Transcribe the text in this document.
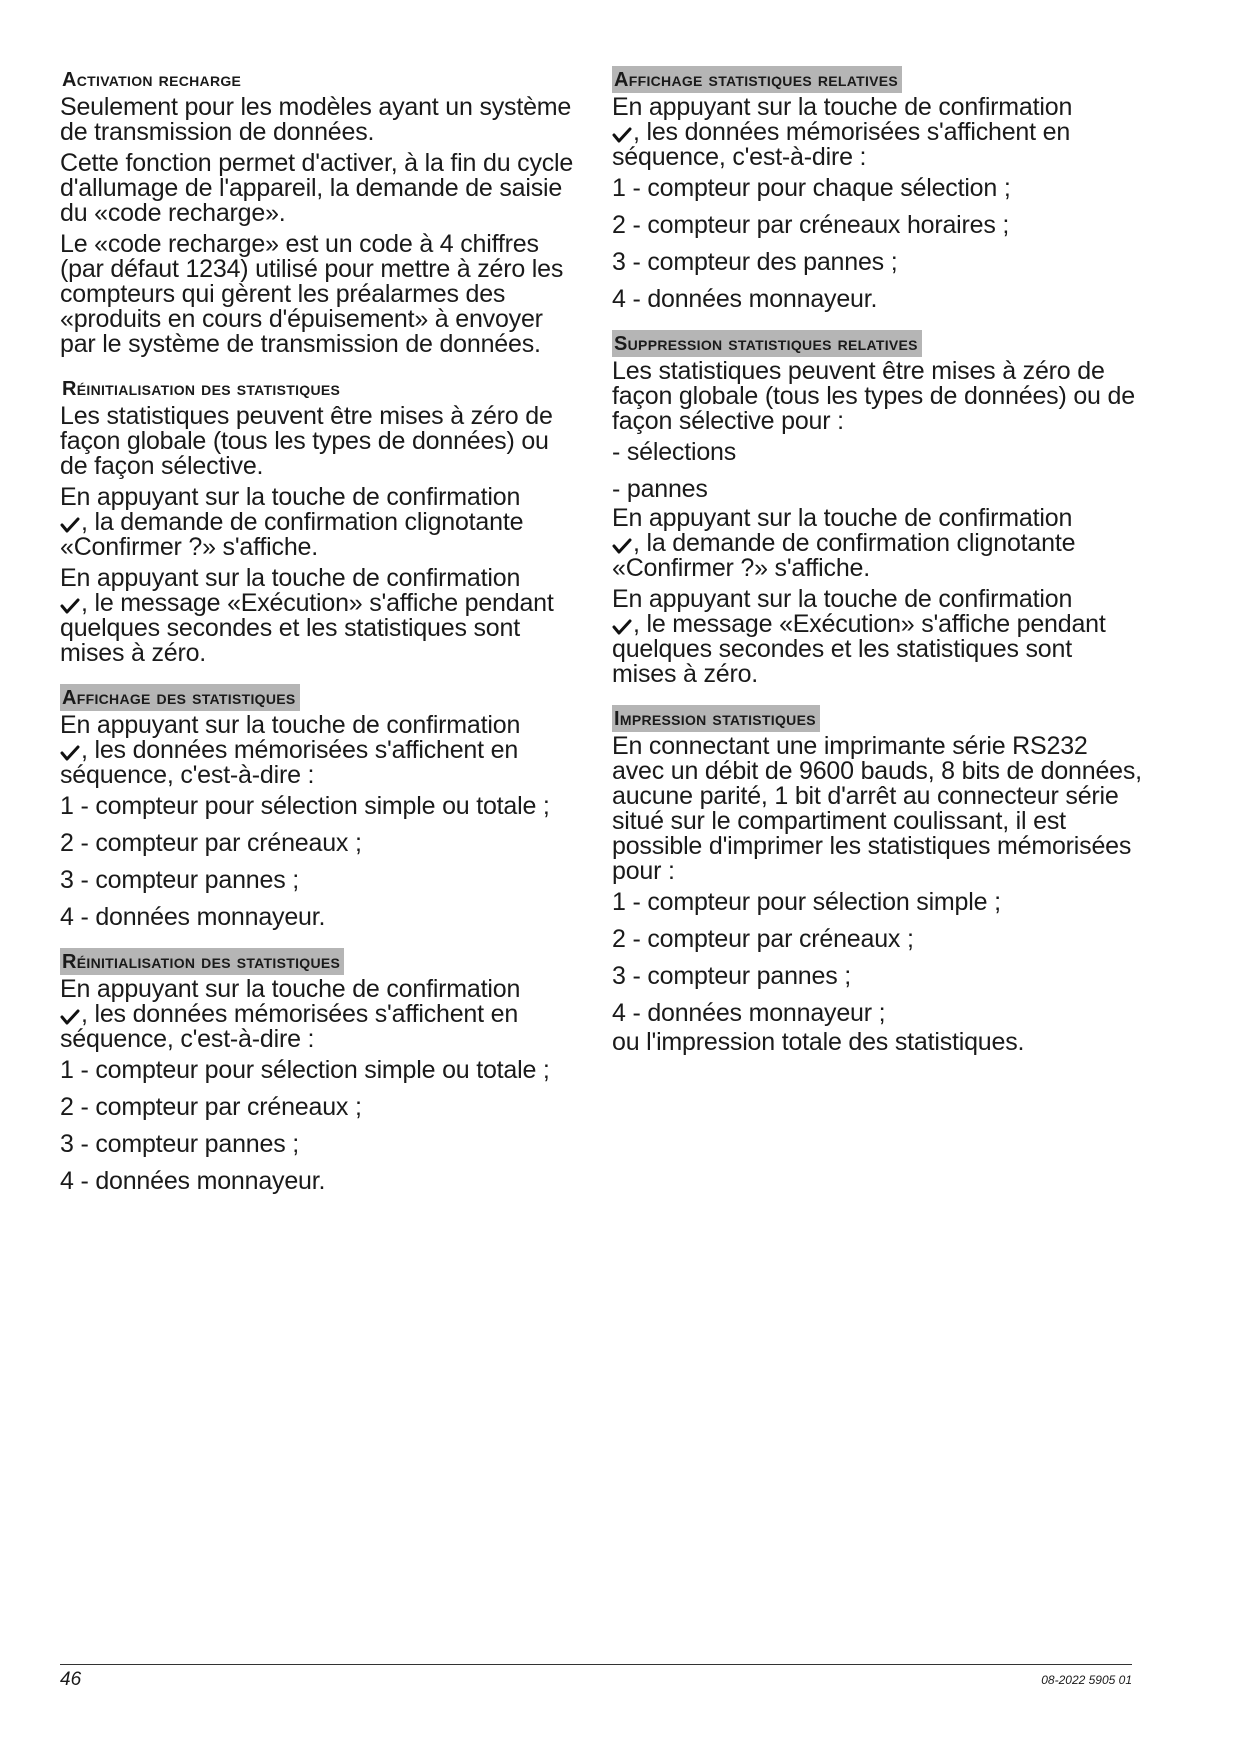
Activation recharge

Seulement pour les modèles ayant un système de transmission de données.

Cette fonction permet d'activer, à la fin du cycle d'allumage de l'appareil, la demande de saisie du «code recharge».

Le «code recharge» est un code à 4 chiffres (par défaut 1234) utilisé pour mettre à zéro les compteurs qui gèrent les préalarmes des «produits en cours d'épuisement» à envoyer par le système de transmission de données.

Réinitialisation des statistiques

Les statistiques peuvent être mises à zéro de façon globale (tous les types de données) ou de façon sélective.

En appuyant sur la touche de confirmation
, la demande de confirmation clignotante «Confirmer ?» s'affiche.

En appuyant sur la touche de confirmation
, le message «Exécution» s'affiche pendant quelques secondes et les statistiques sont mises à zéro.

Affichage des statistiques

En appuyant sur la touche de confirmation
, les données mémorisées s'affichent en séquence, c'est-à-dire :

1 - compteur pour sélection simple ou totale ;

2 - compteur par créneaux ;

3 - compteur pannes ;

4 - données monnayeur.

Réinitialisation des statistiques

En appuyant sur la touche de confirmation
, les données mémorisées s'affichent en séquence, c'est-à-dire :

1 - compteur pour sélection simple ou totale ;

2 - compteur par créneaux ;

3 - compteur pannes ;

4 - données monnayeur.

Affichage statistiques relatives

En appuyant sur la touche de confirmation
, les données mémorisées s'affichent en séquence, c'est-à-dire :

1 - compteur pour chaque sélection ;

2 - compteur par créneaux horaires ;

3 - compteur des pannes ;

4 - données monnayeur.

Suppression statistiques relatives

Les statistiques peuvent être mises à zéro de façon globale (tous les types de données) ou de façon sélective pour :

- sélections

- pannes

En appuyant sur la touche de confirmation
, la demande de confirmation clignotante «Confirmer ?» s'affiche.

En appuyant sur la touche de confirmation
, le message «Exécution» s'affiche pendant quelques secondes et les statistiques sont mises à zéro.

Impression statistiques

En connectant une imprimante série RS232 avec un débit de 9600 bauds, 8 bits de données, aucune parité, 1 bit d'arrêt au connecteur série situé sur le compartiment coulissant, il est possible d'imprimer les statistiques mémorisées pour :

1 - compteur pour sélection simple ;

2 - compteur par créneaux ;

3 - compteur pannes ;

4 - données monnayeur ;

ou l'impression totale des statistiques.

46	08-2022 5905 01
